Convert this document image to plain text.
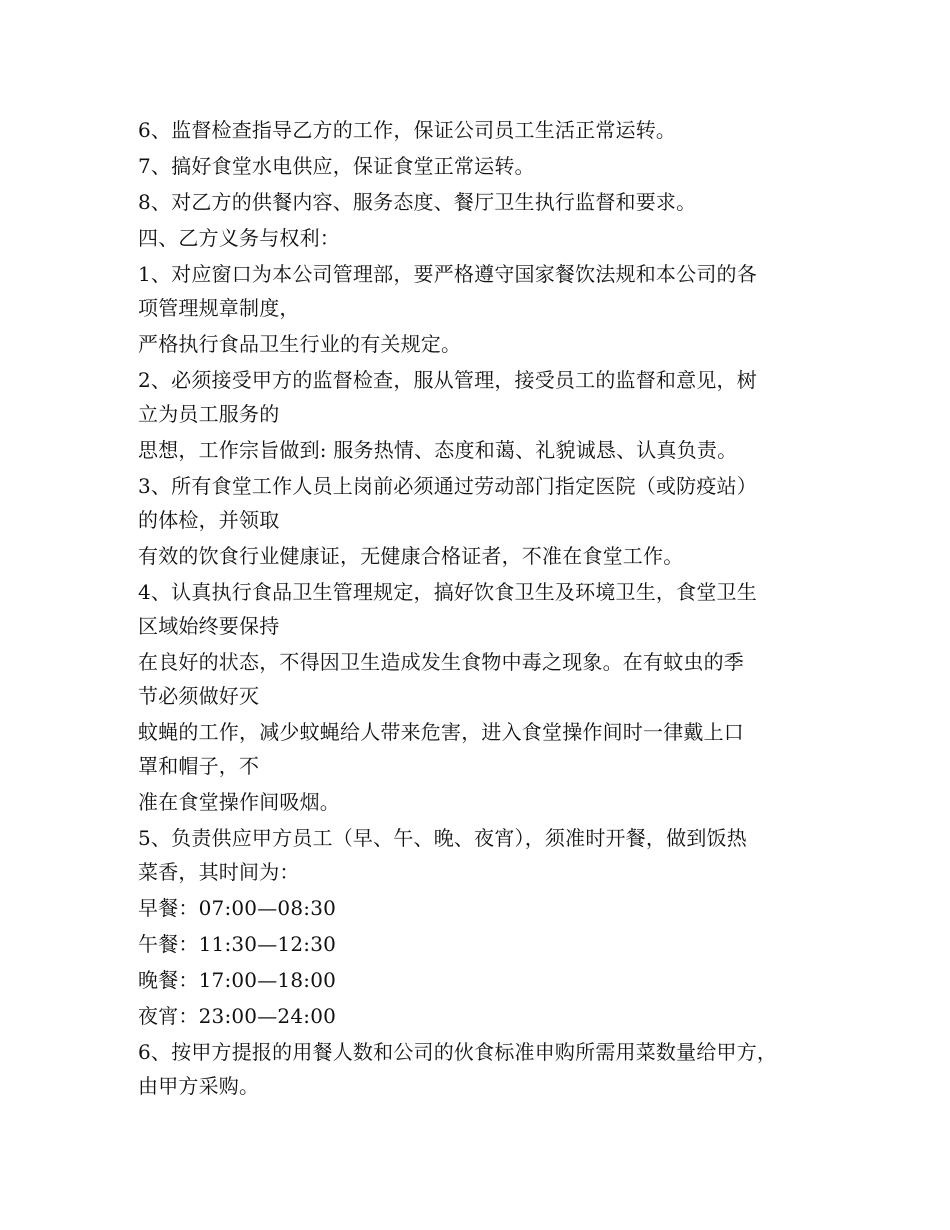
6、监督检查指导乙方的工作，保证公司员工生活正常运转。
7、搞好食堂水电供应，保证食堂正常运转。
8、对乙方的供餐内容、服务态度、餐厅卫生执行监督和要求。
四、乙方义务与权利：
1、对应窗口为本公司管理部，要严格遵守国家餐饮法规和本公司的各
项管理规章制度，
严格执行食品卫生行业的有关规定。
2、必须接受甲方的监督检查，服从管理，接受员工的监督和意见，树
立为员工服务的
思想，工作宗旨做到: 服务热情、态度和蔼、礼貌诚恳、认真负责。
3、所有食堂工作人员上岗前必须通过劳动部门指定医院（或防疫站）
的体检，并领取
有效的饮食行业健康证，无健康合格证者，不准在食堂工作。
4、认真执行食品卫生管理规定，搞好饮食卫生及环境卫生，食堂卫生
区域始终要保持
在良好的状态，不得因卫生造成发生食物中毒之现象。在有蚊虫的季
节必须做好灭
蚊蝇的工作，减少蚊蝇给人带来危害，进入食堂操作间时一律戴上口
罩和帽子，不
准在食堂操作间吸烟。
5、负责供应甲方员工（早、午、晚、夜宵），须准时开餐，做到饭热
菜香，其时间为：
早餐：07:00—08:30
午餐：11:30—12:30
晚餐：17:00—18:00
夜宵：23:00—24:00
6、按甲方提报的用餐人数和公司的伙食标准申购所需用菜数量给甲方，
由甲方采购。
